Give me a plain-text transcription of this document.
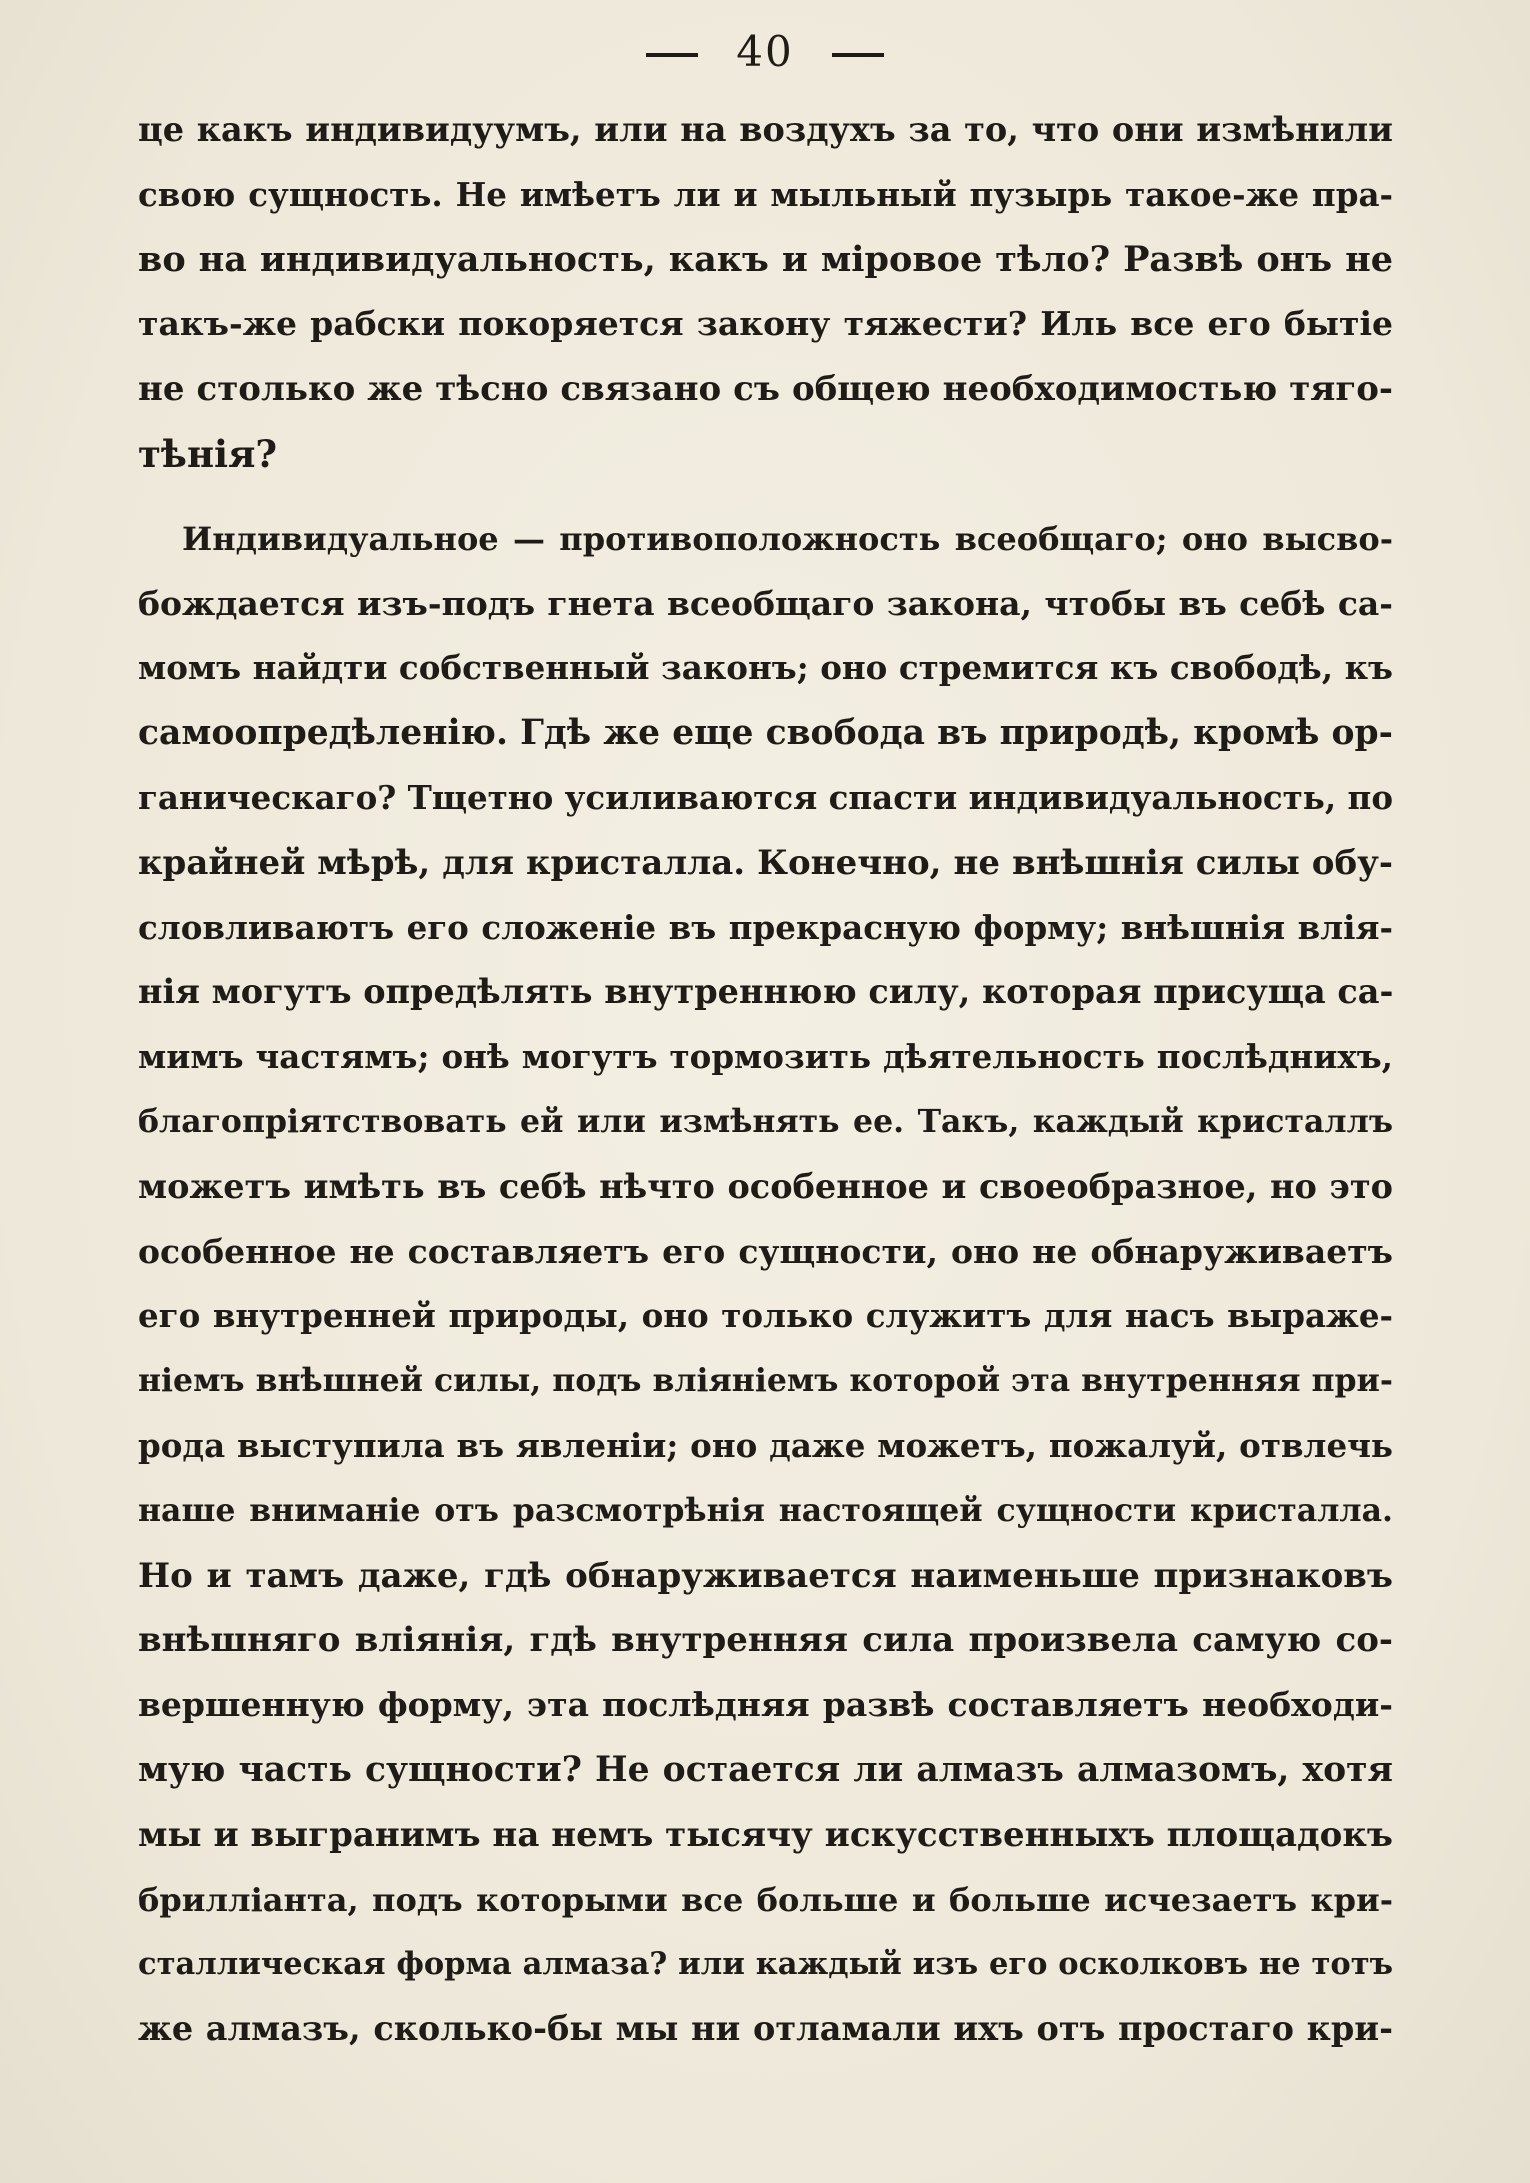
40
це какъ индивидуумъ, или на воздухъ за то, что они измѣнили
свою сущность. Не имѣетъ ли и мыльный пузырь такое-же пра-
во на индивидуальность, какъ и мiровое тѣло? Развѣ онъ не
такъ-же рабски покоряется закону тяжести? Иль все его бытiе
не столько же тѣсно связано съ общею необходимостью тяго-
тѣнiя?
Индивидуальное — противоположность всеобщаго; оно высво-
бождается изъ-подъ гнета всеобщаго закона, чтобы въ себѣ са-
момъ найдти собственный законъ; оно стремится къ свободѣ, къ
самоопредѣленiю. Гдѣ же еще свобода въ природѣ, кромѣ ор-
ганическаго? Тщетно усиливаются спасти индивидуальность, по
крайней мѣрѣ, для кристалла. Конечно, не внѣшнiя силы обу-
словливаютъ его сложенiе въ прекрасную форму; внѣшнiя влiя-
нiя могутъ опредѣлять внутреннюю силу, которая присуща са-
мимъ частямъ; онѣ могутъ тормозить дѣятельность послѣднихъ,
благопрiятствовать ей или измѣнять ее. Такъ, каждый кристаллъ
можетъ имѣть въ себѣ нѣчто особенное и своеобразное, но это
особенное не составляетъ его сущности, оно не обнаруживаетъ
его внутренней природы, оно только служитъ для насъ выраже-
нiемъ внѣшней силы, подъ влiянiемъ которой эта внутренняя при-
рода выступила въ явленiи; оно даже можетъ, пожалуй, отвлечь
наше вниманiе отъ разсмотрѣнiя настоящей сущности кристалла.
Но и тамъ даже, гдѣ обнаруживается наименьше признаковъ
внѣшняго влiянiя, гдѣ внутренняя сила произвела самую со-
вершенную форму, эта послѣдняя развѣ составляетъ необходи-
мую часть сущности? Не остается ли алмазъ алмазомъ, хотя
мы и выгранимъ на немъ тысячу искусственныхъ площадокъ
бриллiанта, подъ которыми все больше и больше исчезаетъ кри-
сталлическая форма алмаза? или каждый изъ его осколковъ не тотъ
же алмазъ, сколько-бы мы ни отламали ихъ отъ простаго кри-
